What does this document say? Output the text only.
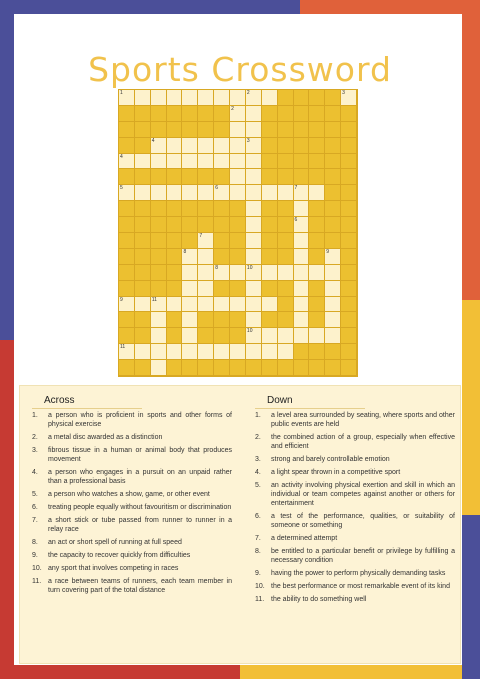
Sports Crossword
1	2	3
2
4	3
4
5	6	7
6
7
8	9
8	10
9	11
10
11
Across
1.	a person who is proficient in sports and other forms of physical exercise
2.	a metal disc awarded as a distinction
3.	fibrous tissue in a human or animal body that produces movement
4.	a person who engages in a pursuit on an unpaid rather than a professional basis
5.	a person who watches a show, game, or other event
6.	treating people equally without favouritism or discrimination
7.	a short stick or tube passed from runner to runner in a relay race
8.	an act or short spell of running at full speed
9.	the capacity to recover quickly from difficulties
10. any sport that involves competing in races
11. a race between teams of runners, each team member in turn covering part of the total distance
Down
1.	a level area surrounded by seating, where sports and other public events are held
2.	the combined action of a group, especially when effective and efficient
3.	strong and barely controllable emotion
4.	a light spear thrown in a competitive sport
5.	an activity involving physical exertion and skill in which an individual or team competes against another or others for entertainment
6.	a test of the performance, qualities, or suitability of someone or something
7.	a determined attempt
8.	be entitled to a particular benefit or privilege by fulfilling a necessary condition
9.	having the power to perform physically demanding tasks
10. the best performance or most remarkable event of its kind
11. the ability to do something well
